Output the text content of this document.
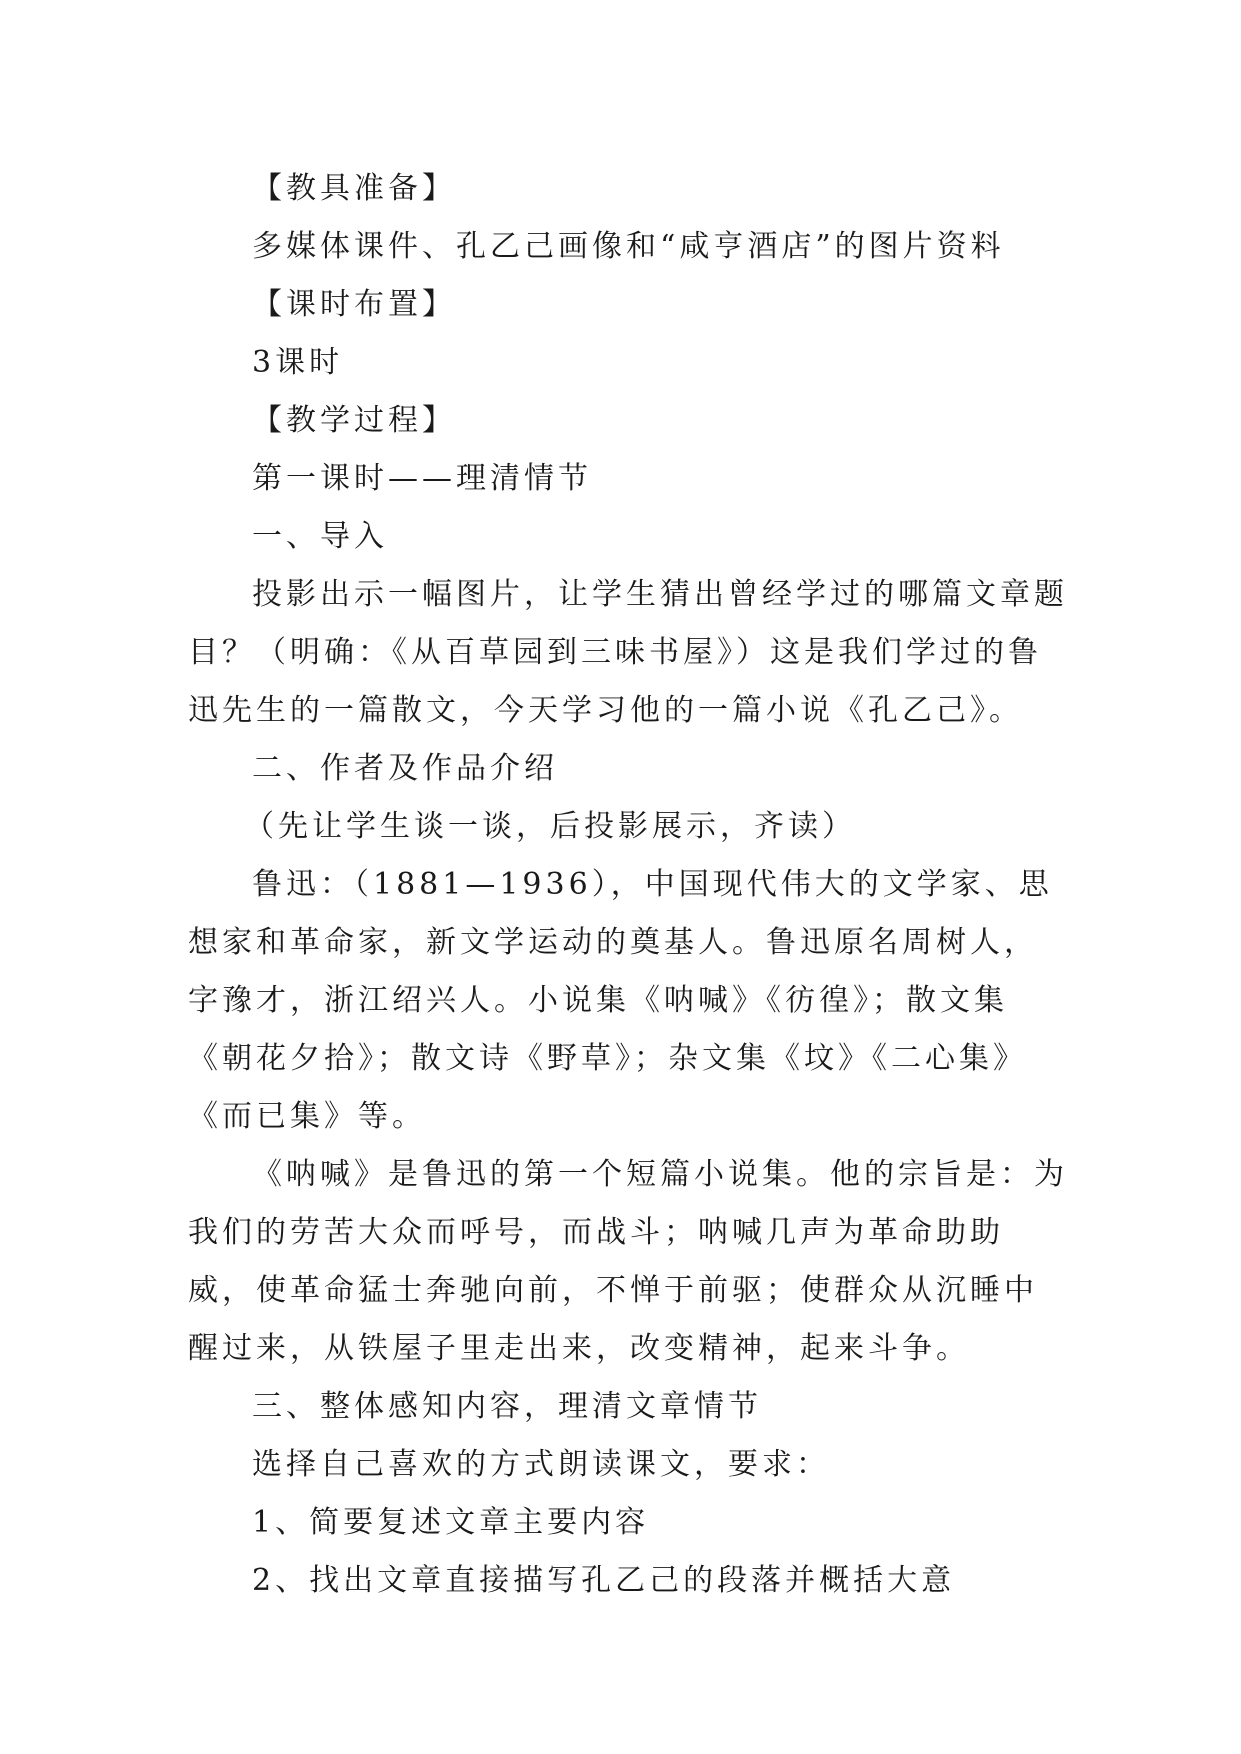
【教具准备】

多媒体课件、孔乙己画像和“咸亨酒店”的图片资料

【课时布置】

3课时

【教学过程】

第一课时——理清情节

一、导入

投影出示一幅图片，让学生猜出曾经学过的哪篇文章题目？（明确：《从百草园到三味书屋》）这是我们学过的鲁迅先生的一篇散文，今天学习他的一篇小说《孔乙己》。

二、作者及作品介绍

（先让学生谈一谈，后投影展示，齐读）

鲁迅：（1881—1936），中国现代伟大的文学家、思想家和革命家，新文学运动的奠基人。鲁迅原名周树人，字豫才，浙江绍兴人。小说集《呐喊》《彷徨》；散文集《朝花夕拾》；散文诗《野草》；杂文集《坟》《二心集》《而已集》等。

《呐喊》是鲁迅的第一个短篇小说集。他的宗旨是：为我们的劳苦大众而呼号，而战斗；呐喊几声为革命助助威，使革命猛士奔驰向前，不惮于前驱；使群众从沉睡中醒过来，从铁屋子里走出来，改变精神，起来斗争。

三、整体感知内容，理清文章情节

选择自己喜欢的方式朗读课文，要求：

1、简要复述文章主要内容

2、找出文章直接描写孔乙己的段落并概括大意
